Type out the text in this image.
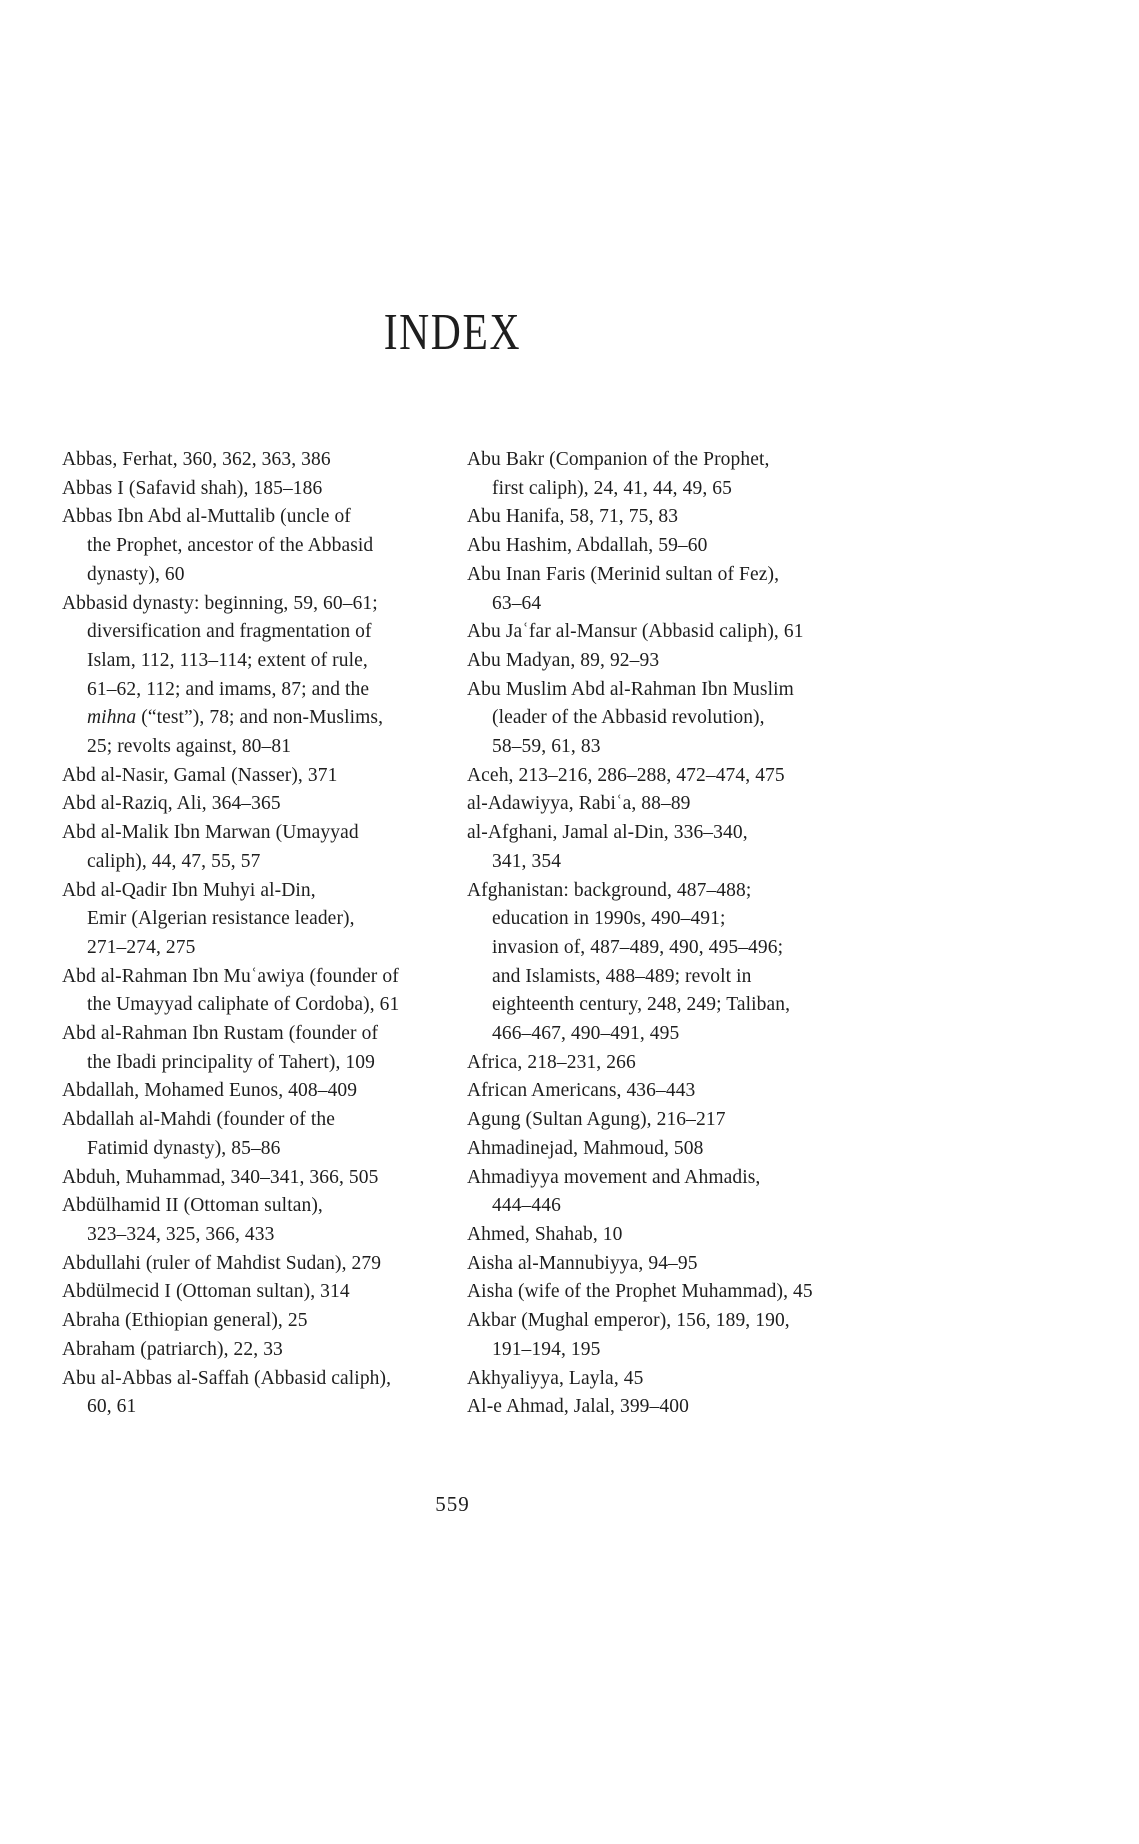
INDEX
Abbas, Ferhat, 360, 362, 363, 386
Abbas I (Safavid shah), 185–186
Abbas Ibn Abd al-Muttalib (uncle of
the Prophet, ancestor of the Abbasid
dynasty), 60
Abbasid dynasty: beginning, 59, 60–61;
diversification and fragmentation of
Islam, 112, 113–114; extent of rule,
61–62, 112; and imams, 87; and the
mihna (“test”), 78; and non-Muslims,
25; revolts against, 80–81
Abd al-Nasir, Gamal (Nasser), 371
Abd al-Raziq, Ali, 364–365
Abd al-Malik Ibn Marwan (Umayyad
caliph), 44, 47, 55, 57
Abd al-Qadir Ibn Muhyi al-Din,
Emir (Algerian resistance leader),
271–274, 275
Abd al-Rahman Ibn Muʿawiya (founder of
the Umayyad caliphate of Cordoba), 61
Abd al-Rahman Ibn Rustam (founder of
the Ibadi principality of Tahert), 109
Abdallah, Mohamed Eunos, 408–409
Abdallah al-Mahdi (founder of the
Fatimid dynasty), 85–86
Abduh, Muhammad, 340–341, 366, 505
Abdülhamid II (Ottoman sultan),
323–324, 325, 366, 433
Abdullahi (ruler of Mahdist Sudan), 279
Abdülmecid I (Ottoman sultan), 314
Abraha (Ethiopian general), 25
Abraham (patriarch), 22, 33
Abu al-Abbas al-Saffah (Abbasid caliph),
60, 61
Abu Bakr (Companion of the Prophet,
first caliph), 24, 41, 44, 49, 65
Abu Hanifa, 58, 71, 75, 83
Abu Hashim, Abdallah, 59–60
Abu Inan Faris (Merinid sultan of Fez),
63–64
Abu Jaʿfar al-Mansur (Abbasid caliph), 61
Abu Madyan, 89, 92–93
Abu Muslim Abd al-Rahman Ibn Muslim
(leader of the Abbasid revolution),
58–59, 61, 83
Aceh, 213–216, 286–288, 472–474, 475
al-Adawiyya, Rabiʿa, 88–89
al-Afghani, Jamal al-Din, 336–340,
341, 354
Afghanistan: background, 487–488;
education in 1990s, 490–491;
invasion of, 487–489, 490, 495–496;
and Islamists, 488–489; revolt in
eighteenth century, 248, 249; Taliban,
466–467, 490–491, 495
Africa, 218–231, 266
African Americans, 436–443
Agung (Sultan Agung), 216–217
Ahmadinejad, Mahmoud, 508
Ahmadiyya movement and Ahmadis,
444–446
Ahmed, Shahab, 10
Aisha al-Mannubiyya, 94–95
Aisha (wife of the Prophet Muhammad), 45
Akbar (Mughal emperor), 156, 189, 190,
191–194, 195
Akhyaliyya, Layla, 45
Al-e Ahmad, Jalal, 399–400
559
